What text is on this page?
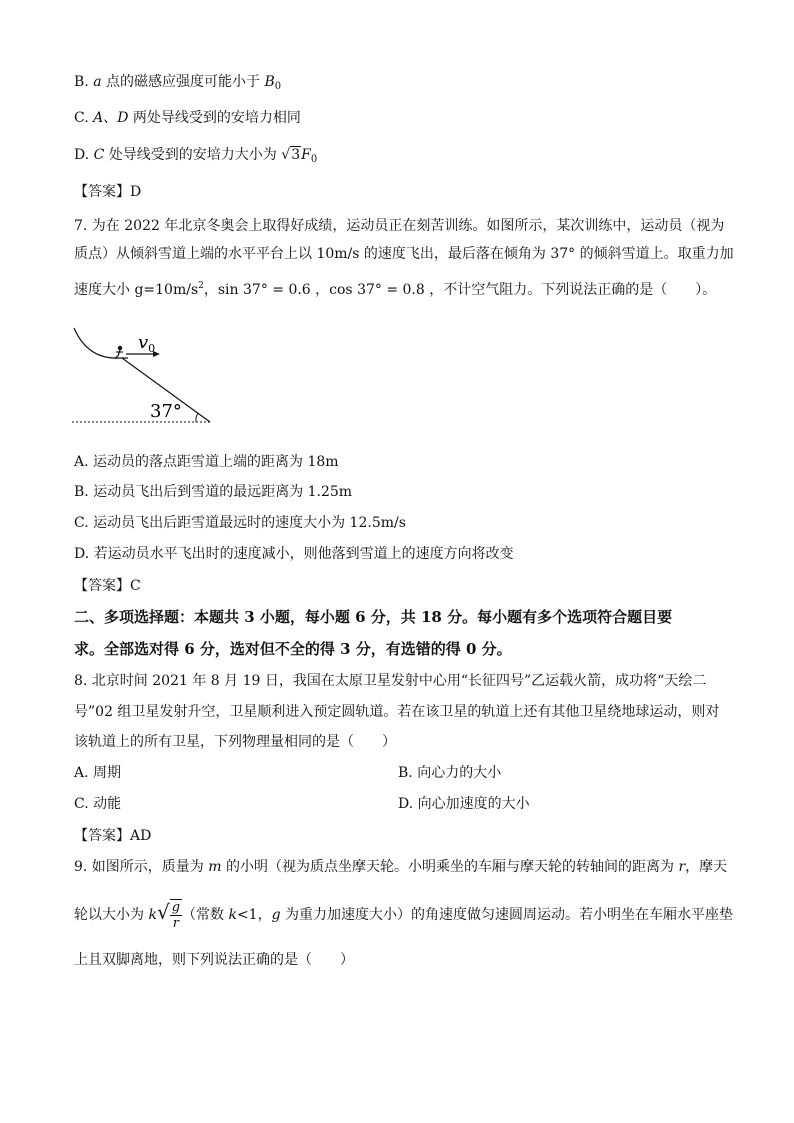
B. a 点的磁感应强度可能小于 $B_0$
C. A、D 两处导线受到的安培力相同
D. C 处导线受到的安培力大小为 $√3F_0$
【答案】D
7. 为在 2022 年北京冬奥会上取得好成绩，运动员正在刻苦训练。如图所示，某次训练中，运动员（视为
质点）从倾斜雪道上端的水平平台上以 10m/s 的速度飞出，最后落在倾角为 37° 的倾斜雪道上。取重力加
速度大小 $g=10m/s^2$，sin 37° = 0.6 ，cos 37° = 0.8 ，不计空气阻力。下列说法正确的是（　　）。
$v_0$
37°
A. 运动员的落点距雪道上端的距离为 18m
B. 运动员飞出后到雪道的最远距离为 1.25m
C. 运动员飞出后距雪道最远时的速度大小为 12.5m/s
D. 若运动员水平飞出时的速度减小，则他落到雪道上的速度方向将改变
【答案】C
二、多项选择题：本题共 3 小题，每小题 6 分，共 18 分。每小题有多个选项符合题目要
求。全部选对得 6 分，选对但不全的得 3 分，有选错的得 0 分。
8. 北京时间 2021 年 8 月 19 日，我国在太原卫星发射中心用“长征四号”乙运载火箭，成功将“天绘二
号”02 组卫星发射升空，卫星顺利进入预定圆轨道。若在该卫星的轨道上还有其他卫星绕地球运动，则对
该轨道上的所有卫星，下列物理量相同的是（　　）
A. 周期	B. 向心力的大小
C. 动能	D. 向心加速度的大小
【答案】AD
9. 如图所示，质量为 m 的小明（视为质点坐摩天轮。小明乘坐的车厢与摩天轮的转轴间的距离为 r，摩天
轮以大小为 $k√ \frac{g}{r}$ （常数 k<1，g 为重力加速度大小）的角速度做匀速圆周运动。若小明坐在车厢水平座垫
上且双脚离地，则下列说法正确的是（　　）
